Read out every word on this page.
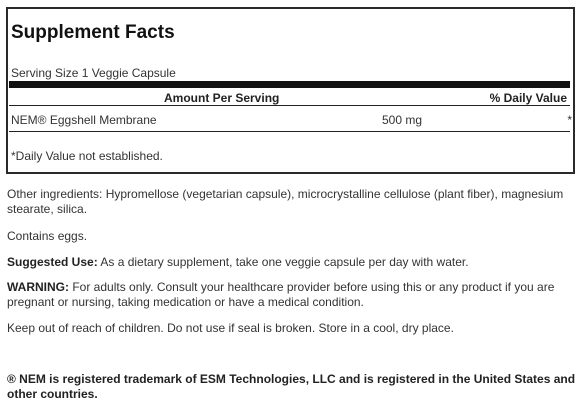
Supplement Facts
Serving Size 1 Veggie Capsule
Amount Per Serving	% Daily Value
NEM® Eggshell Membrane	500 mg	*
*Daily Value not established.
Other ingredients: Hypromellose (vegetarian capsule), microcrystalline cellulose (plant fiber), magnesium stearate, silica.
Contains eggs.
Suggested Use: As a dietary supplement, take one veggie capsule per day with water.
WARNING: For adults only. Consult your healthcare provider before using this or any product if you are pregnant or nursing, taking medication or have a medical condition.
Keep out of reach of children. Do not use if seal is broken. Store in a cool, dry place.
® NEM is registered trademark of ESM Technologies, LLC and is registered in the United States and other countries.
